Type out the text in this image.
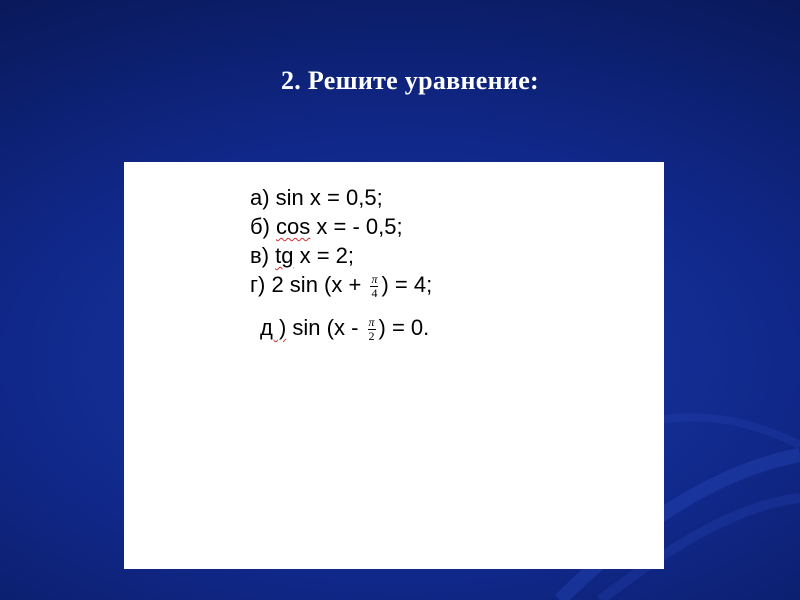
2. Решите уравнение:
а) sin x = 0,5;
б) cos x = - 0,5;
в) tg x = 2;
г) 2 $\sin (x + \frac{\pi}{4}$ ) = 4;
д ) $\sin (x - \frac{\pi}{2}$ ) = 0.
